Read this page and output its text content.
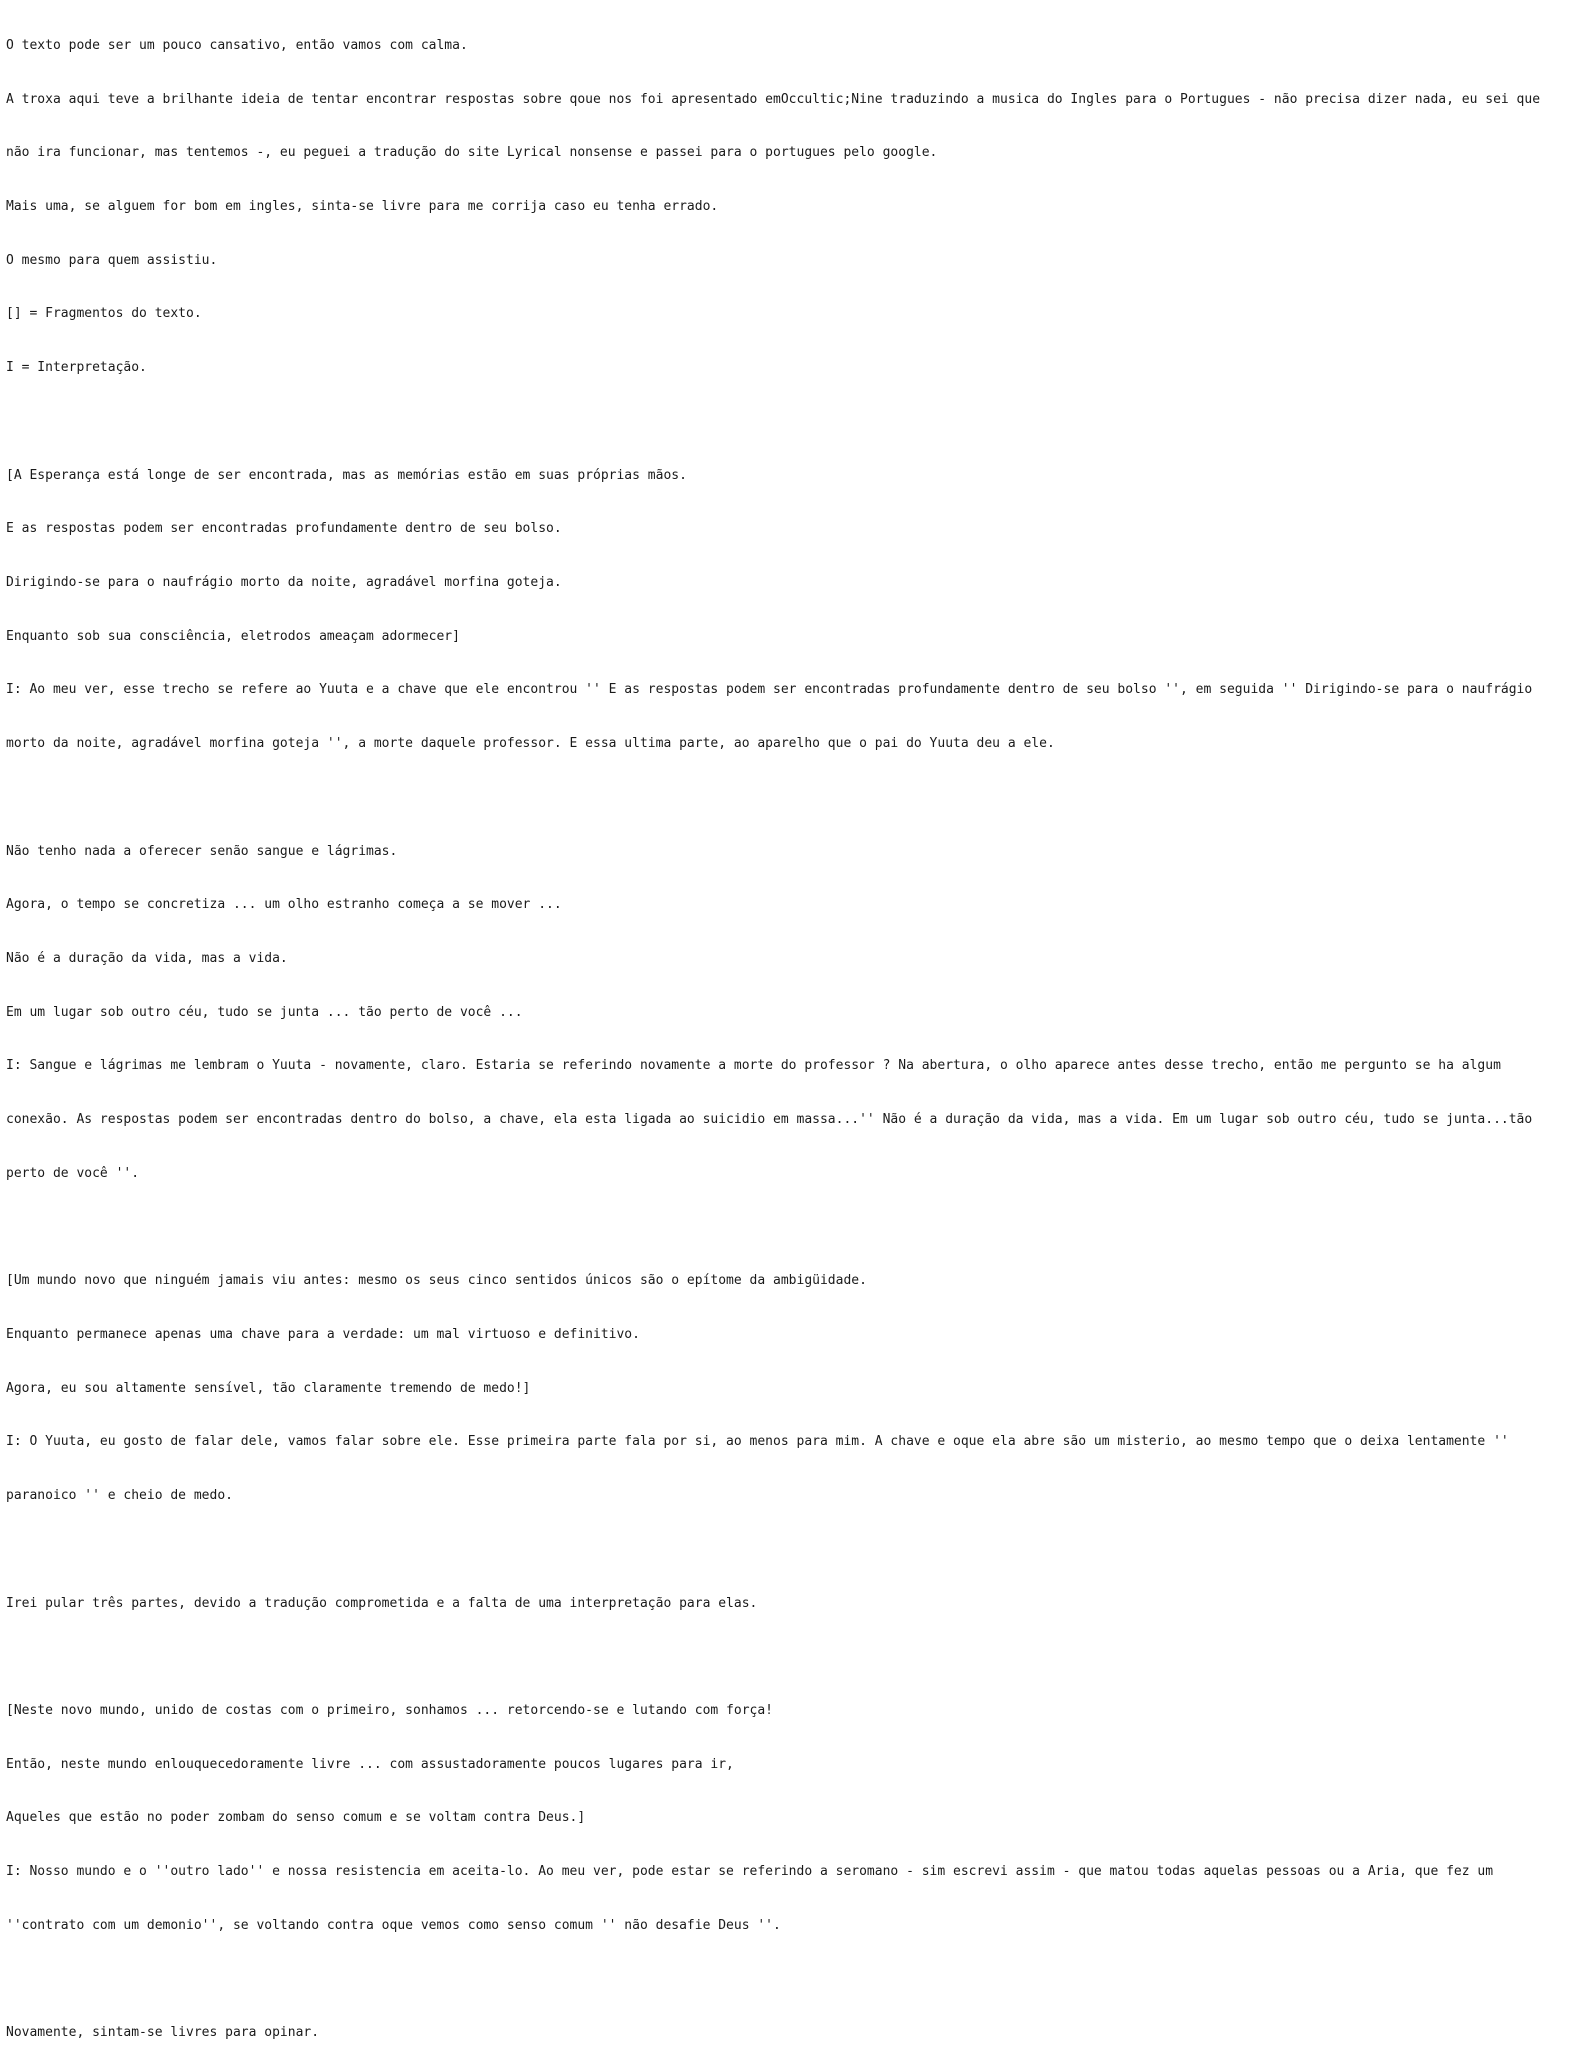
O texto pode ser um pouco cansativo, então vamos com calma.

A troxa aqui teve a brilhante ideia de tentar encontrar respostas sobre qoue nos foi apresentado emOccultic;Nine traduzindo a musica do Ingles para o Portugues - não precisa dizer nada, eu sei que

não ira funcionar, mas tentemos -, eu peguei a tradução do site Lyrical nonsense e passei para o portugues pelo google.

Mais uma, se alguem for bom em ingles, sinta-se livre para me corrija caso eu tenha errado.

O mesmo para quem assistiu.

[] = Fragmentos do texto.

I = Interpretação.

[A Esperança está longe de ser encontrada, mas as memórias estão em suas próprias mãos.

E as respostas podem ser encontradas profundamente dentro de seu bolso.

Dirigindo-se para o naufrágio morto da noite, agradável morfina goteja.

Enquanto sob sua consciência, eletrodos ameaçam adormecer]

I: Ao meu ver, esse trecho se refere ao Yuuta e a chave que ele encontrou '' E as respostas podem ser encontradas profundamente dentro de seu bolso '', em seguida '' Dirigindo-se para o naufrágio

morto da noite, agradável morfina goteja '', a morte daquele professor. E essa ultima parte, ao aparelho que o pai do Yuuta deu a ele.

Não tenho nada a oferecer senão sangue e lágrimas.

Agora, o tempo se concretiza ... um olho estranho começa a se mover ...

Não é a duração da vida, mas a vida.

Em um lugar sob outro céu, tudo se junta ... tão perto de você ...

I: Sangue e lágrimas me lembram o Yuuta - novamente, claro. Estaria se referindo novamente a morte do professor ? Na abertura, o olho aparece antes desse trecho, então me pergunto se ha algum

conexão. As respostas podem ser encontradas dentro do bolso, a chave, ela esta ligada ao suicidio em massa...'' Não é a duração da vida, mas a vida. Em um lugar sob outro céu, tudo se junta...tão

perto de você ''.

[Um mundo novo que ninguém jamais viu antes: mesmo os seus cinco sentidos únicos são o epítome da ambigüidade.

Enquanto permanece apenas uma chave para a verdade: um mal virtuoso e definitivo.

Agora, eu sou altamente sensível, tão claramente tremendo de medo!]

I: O Yuuta, eu gosto de falar dele, vamos falar sobre ele. Esse primeira parte fala por si, ao menos para mim. A chave e oque ela abre são um misterio, ao mesmo tempo que o deixa lentamente ''

paranoico '' e cheio de medo.

Irei pular três partes, devido a tradução comprometida e a falta de uma interpretação para elas.

[Neste novo mundo, unido de costas com o primeiro, sonhamos ... retorcendo-se e lutando com força!

Então, neste mundo enlouquecedoramente livre ... com assustadoramente poucos lugares para ir,

Aqueles que estão no poder zombam do senso comum e se voltam contra Deus.]

I: Nosso mundo e o ''outro lado'' e nossa resistencia em aceita-lo. Ao meu ver, pode estar se referindo a seromano - sim escrevi assim - que matou todas aquelas pessoas ou a Aria, que fez um

''contrato com um demonio'', se voltando contra oque vemos como senso comum '' não desafie Deus ''.

Novamente, sintam-se livres para opinar.
